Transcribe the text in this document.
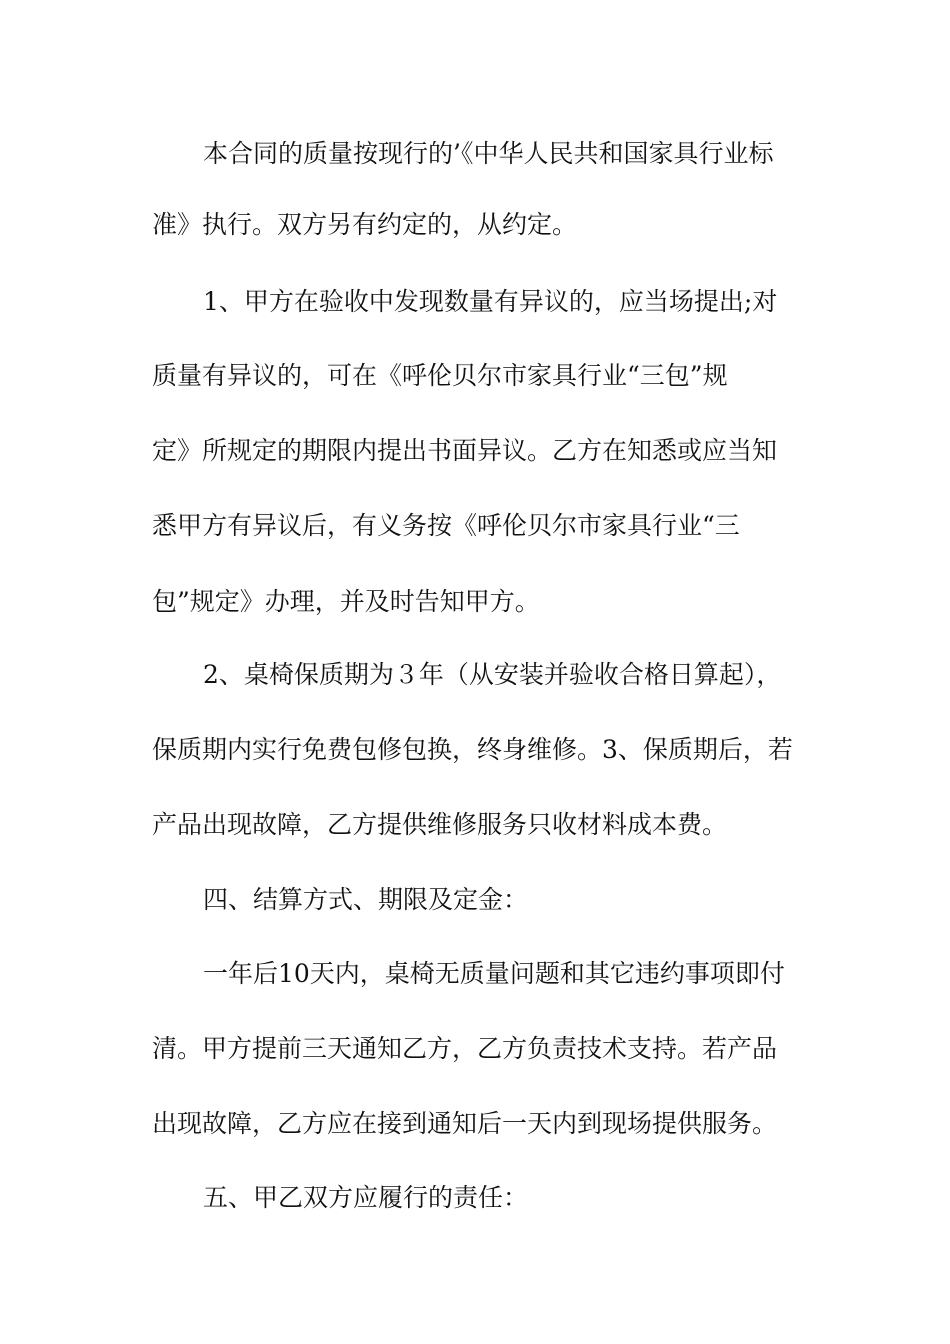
本合同的质量按现行的’《中华人民共和国家具行业标
准》执行。双方另有约定的，从约定。
1、甲方在验收中发现数量有异议的，应当场提出;对
质量有异议的，可在《呼伦贝尔市家具行业“三包”规
定》所规定的期限内提出书面异议。乙方在知悉或应当知
悉甲方有异议后，有义务按《呼伦贝尔市家具行业“三
包”规定》办理，并及时告知甲方。
2、桌椅保质期为３年（从安装并验收合格日算起），
保质期内实行免费包修包换，终身维修。3、保质期后，若
产品出现故障，乙方提供维修服务只收材料成本费。
四、结算方式、期限及定金：
一年后10天内，桌椅无质量问题和其它违约事项即付
清。甲方提前三天通知乙方，乙方负责技术支持。若产品
出现故障，乙方应在接到通知后一天内到现场提供服务。
五、甲乙双方应履行的责任：
